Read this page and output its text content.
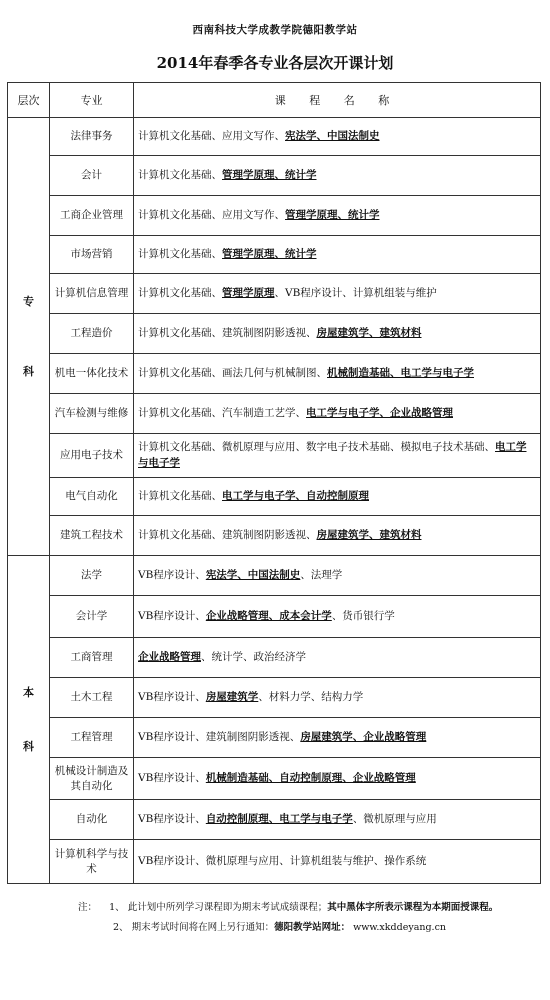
西南科技大学成教学院德阳教学站
2014年春季各专业各层次开课计划
层次	专业	课 程 名 称

专
科	法律事务	计算机文化基础、应用文写作、宪法学、中国法制史
	会计	计算机文化基础、管理学原理、统计学
	工商企业管理	计算机文化基础、应用文写作、管理学原理、统计学
	市场营销	计算机文化基础、管理学原理、统计学
	计算机信息管理	计算机文化基础、管理学原理、VB程序设计、计算机组装与维护
	工程造价	计算机文化基础、建筑制图阴影透视、房屋建筑学、建筑材料
	机电一体化技术	计算机文化基础、画法几何与机械制图、机械制造基础、电工学与电子学
	汽车检测与维修	计算机文化基础、汽车制造工艺学、电工学与电子学、企业战略管理
	应用电子技术	计算机文化基础、微机原理与应用、数字电子技术基础、模拟电子技术基础、电工学与电子学
	电气自动化	计算机文化基础、电工学与电子学、自动控制原理
	建筑工程技术	计算机文化基础、建筑制图阴影透视、房屋建筑学、建筑材料

本
科	法学	VB程序设计、宪法学、中国法制史、法理学
	会计学	VB程序设计、企业战略管理、成本会计学、货币银行学
	工商管理	企业战略管理、统计学、政治经济学
	土木工程	VB程序设计、房屋建筑学、材料力学、结构力学
	工程管理	VB程序设计、建筑制图阴影透视、房屋建筑学、企业战略管理
	机械设计制造及其自动化	VB程序设计、机械制造基础、自动控制原理、企业战略管理
	自动化	VB程序设计、自动控制原理、电工学与电子学、微机原理与应用
	计算机科学与技术	VB程序设计、微机原理与应用、计算机组装与维护、操作系统
注： 1、 此计划中所列学习课程即为期末考试成绩课程；其中黑体字所表示课程为本期面授课程。
2、 期末考试时间将在网上另行通知：德阳教学站网址： www.xkddeyang.cn
